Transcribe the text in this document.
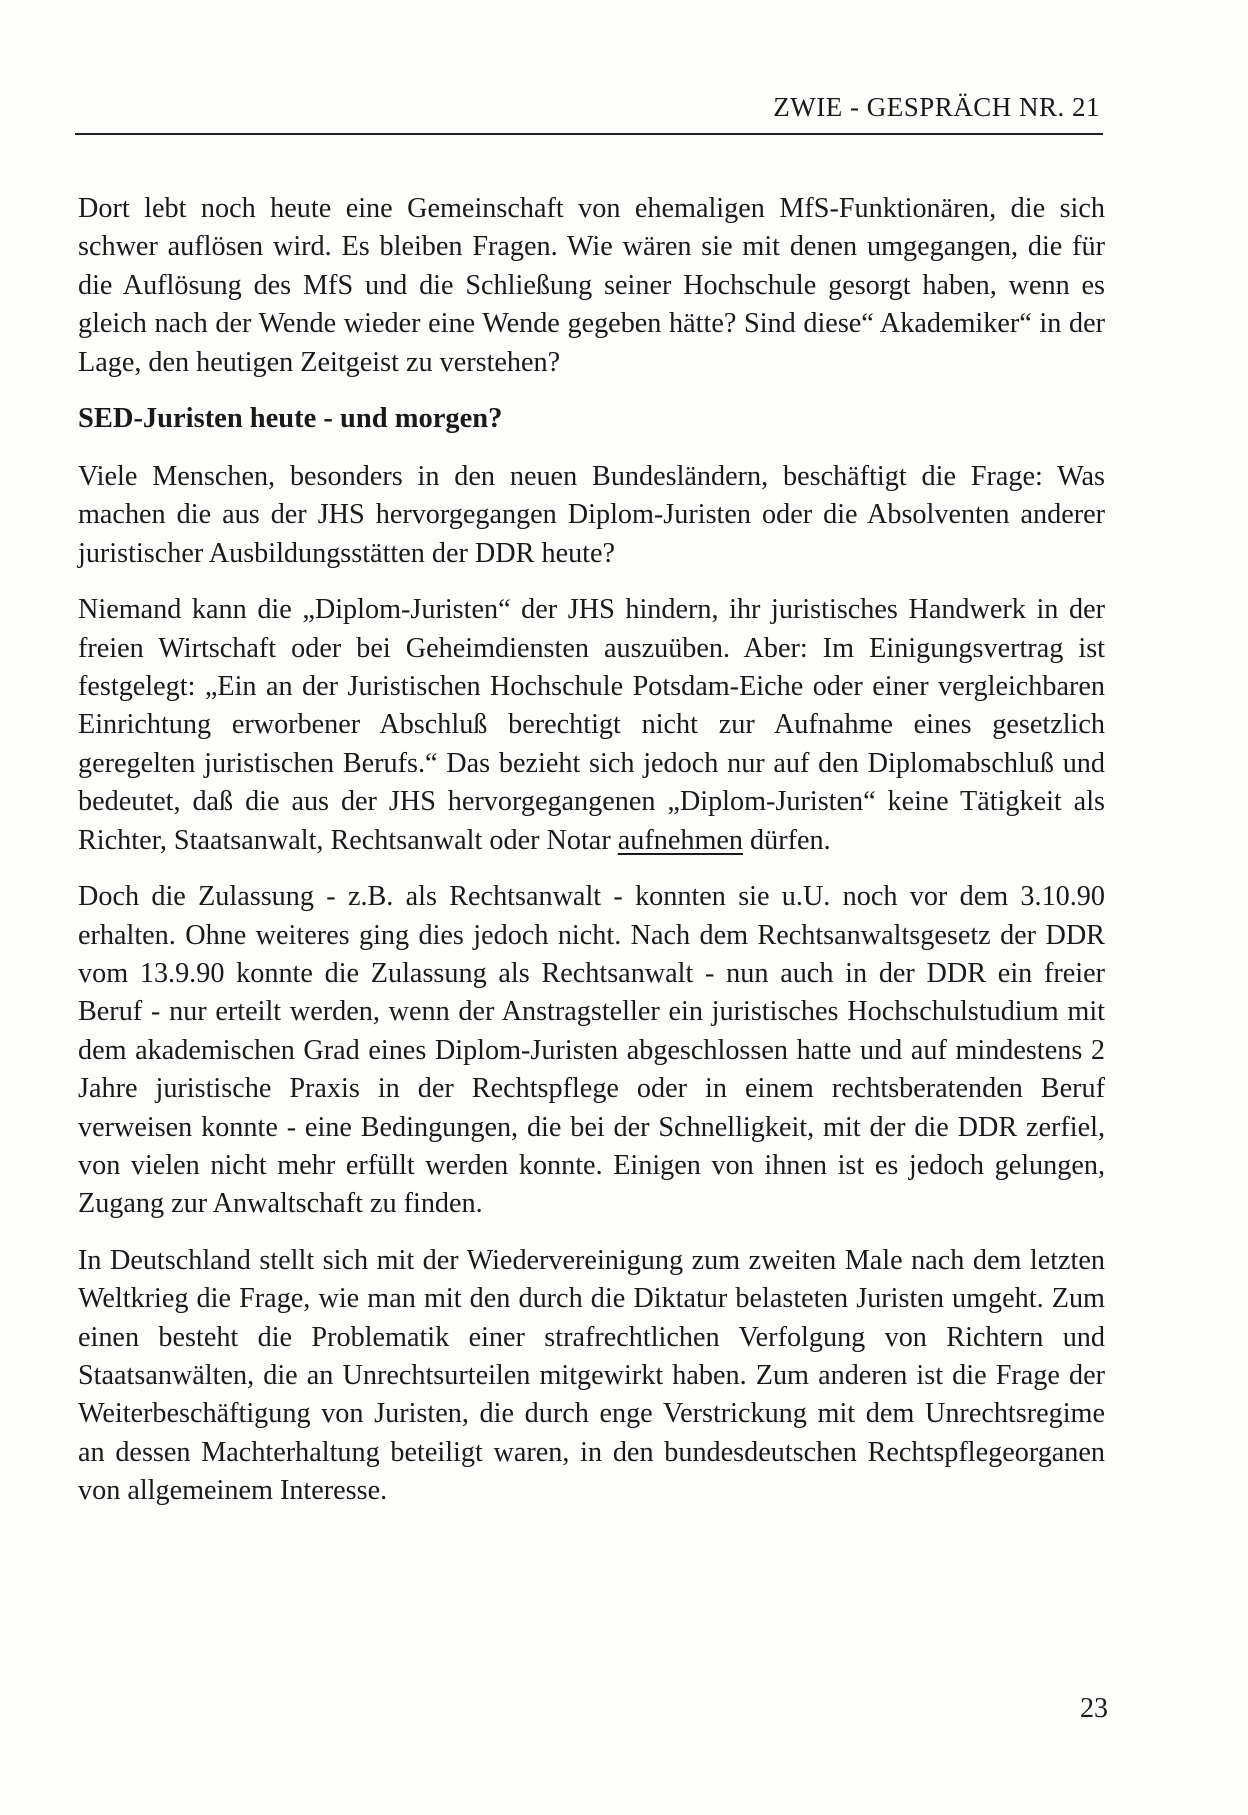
ZWIE - GESPRÄCH NR. 21

Dort lebt noch heute eine Gemeinschaft von ehemaligen MfS-Funktionären, die sich schwer auflösen wird. Es bleiben Fragen. Wie wären sie mit denen umgegangen, die für die Auflösung des MfS und die Schließung seiner Hochschule gesorgt haben, wenn es gleich nach der Wende wieder eine Wende gegeben hätte? Sind diese“ Akademiker“ in der Lage, den heutigen Zeitgeist zu verstehen?

SED-Juristen heute - und morgen?

Viele Menschen, besonders in den neuen Bundesländern, beschäftigt die Frage: Was machen die aus der JHS hervorgegangen Diplom-Juristen oder die Absolventen anderer juristischer Ausbildungsstätten der DDR heute?

Niemand kann die „Diplom-Juristen“ der JHS hindern, ihr juristisches Handwerk in der freien Wirtschaft oder bei Geheimdiensten auszuüben. Aber: Im Einigungsvertrag ist festgelegt: „Ein an der Juristischen Hochschule Potsdam-Eiche oder einer vergleichbaren Einrichtung erworbener Abschluß berechtigt nicht zur Aufnahme eines gesetzlich geregelten juristischen Berufs.“ Das bezieht sich jedoch nur auf den Diplomabschluß und bedeutet, daß die aus der JHS hervorgegangenen „Diplom-Juristen“ keine Tätigkeit als Richter, Staatsanwalt, Rechtsanwalt oder Notar aufnehmen dürfen.

Doch die Zulassung - z.B. als Rechtsanwalt - konnten sie u.U. noch vor dem 3.10.90 erhalten. Ohne weiteres ging dies jedoch nicht. Nach dem Rechtsanwaltsgesetz der DDR vom 13.9.90 konnte die Zulassung als Rechtsanwalt - nun auch in der DDR ein freier Beruf - nur erteilt werden, wenn der Anstragsteller ein juristisches Hochschulstudium mit dem akademischen Grad eines Diplom-Juristen abgeschlossen hatte und auf mindestens 2 Jahre juristische Praxis in der Rechtspflege oder in einem rechtsberatenden Beruf verweisen konnte - eine Bedingungen, die bei der Schnelligkeit, mit der die DDR zerfiel, von vielen nicht mehr erfüllt werden konnte. Einigen von ihnen ist es jedoch gelungen, Zugang zur Anwaltschaft zu finden.

In Deutschland stellt sich mit der Wiedervereinigung zum zweiten Male nach dem letzten Weltkrieg die Frage, wie man mit den durch die Diktatur belasteten Juristen umgeht. Zum einen besteht die Problematik einer strafrechtlichen Verfolgung von Richtern und Staatsanwälten, die an Unrechtsurteilen mitgewirkt haben. Zum anderen ist die Frage der Weiterbeschäftigung von Juristen, die durch enge Verstrickung mit dem Unrechtsregime an dessen Machterhaltung beteiligt waren, in den bundesdeutschen Rechtspflegeorganen von allgemeinem Interesse.

23
